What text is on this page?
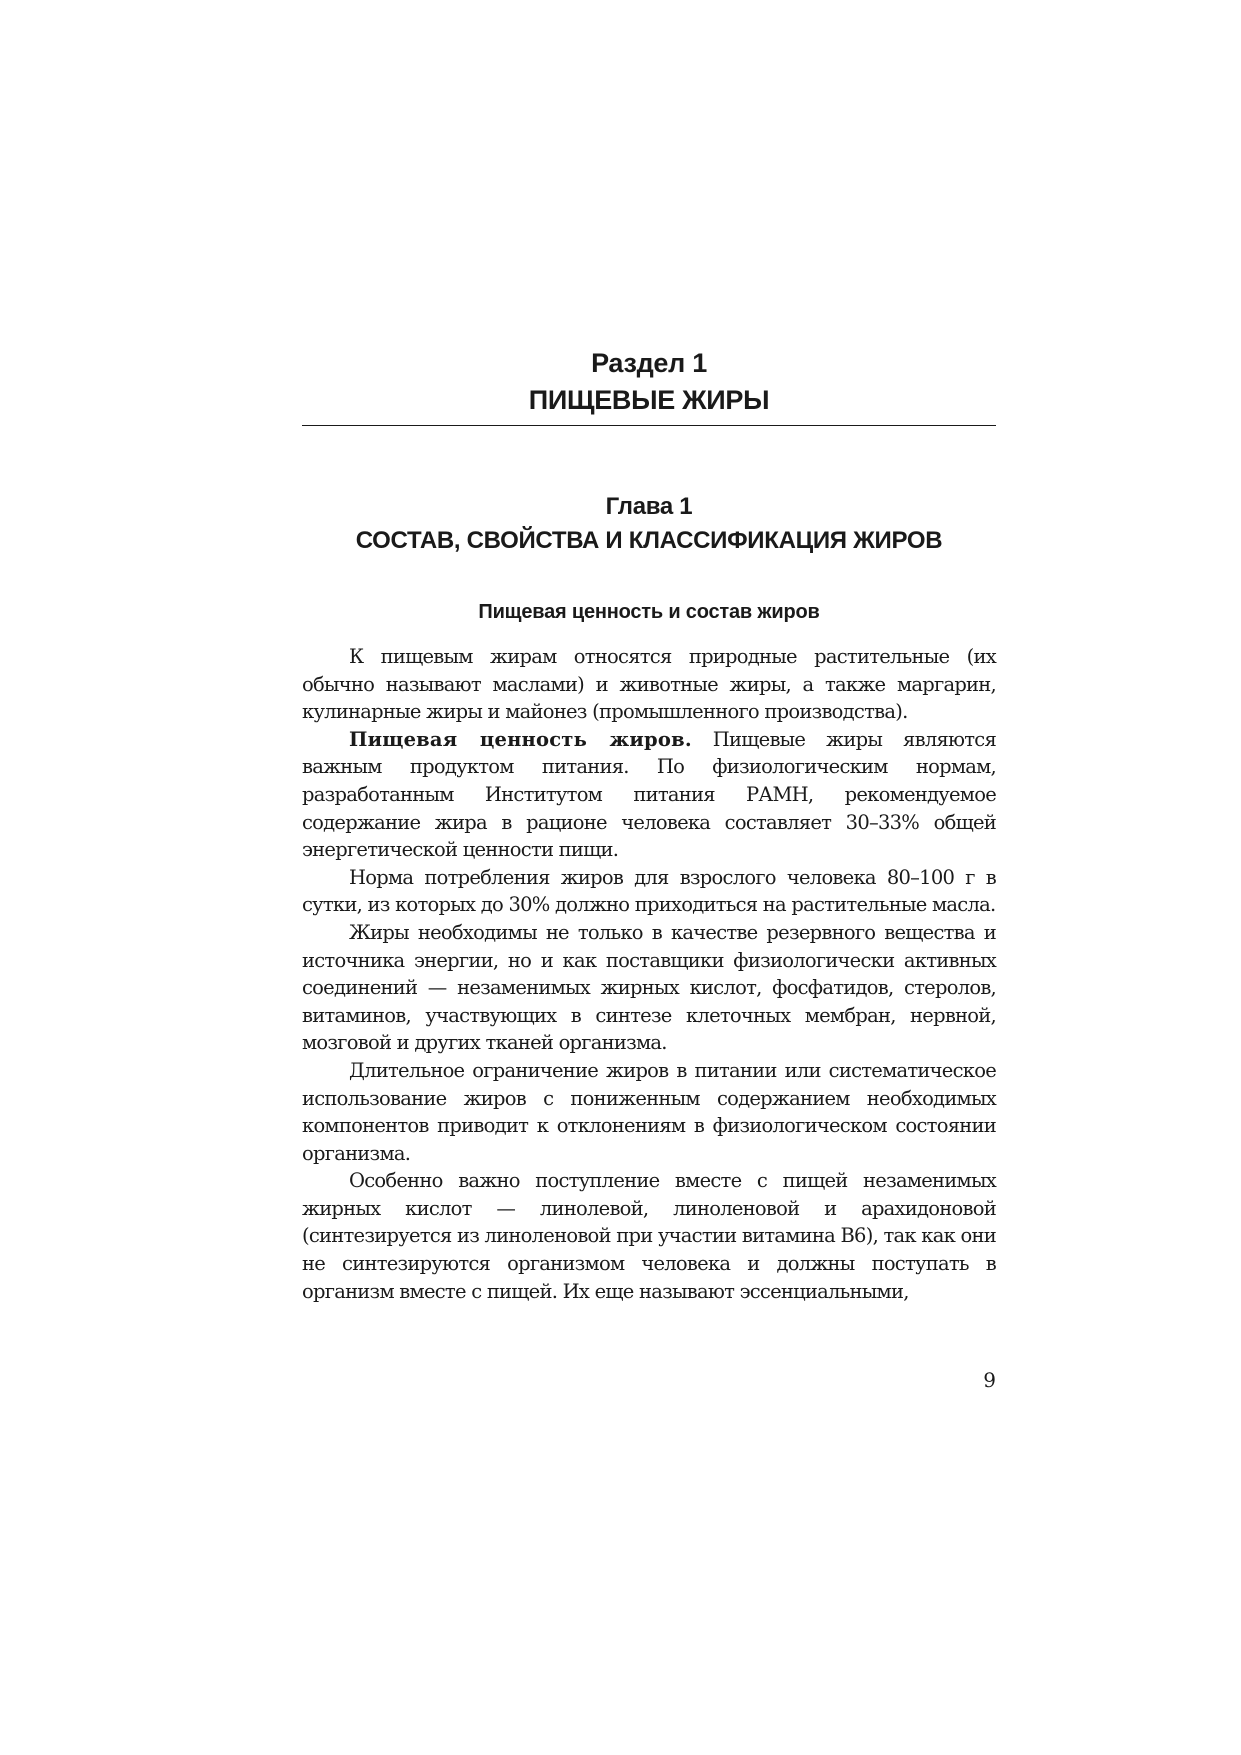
Раздел 1
ПИЩЕВЫЕ ЖИРЫ
Глава 1
СОСТАВ, СВОЙСТВА И КЛАССИФИКАЦИЯ ЖИРОВ
Пищевая ценность и состав жиров

К пищевым жирам относятся природные растительные (их обычно называют маслами) и животные жиры, а также маргарин, кулинарные жиры и майонез (промышленного производства).

Пищевая ценность жиров. Пищевые жиры являются важным продуктом питания. По физиологическим нормам, разработанным Институтом питания РАМН, рекомендуемое содержание жира в рационе человека составляет 30–33% общей энергетической ценности пищи.

Норма потребления жиров для взрослого человека 80–100 г в сутки, из которых до 30% должно приходиться на растительные масла.

Жиры необходимы не только в качестве резервного вещества и источника энергии, но и как поставщики физиологически активных соединений — незаменимых жирных кислот, фосфатидов, стеролов, витаминов, участвующих в синтезе клеточных мембран, нервной, мозговой и других тканей организма.

Длительное ограничение жиров в питании или систематическое использование жиров с пониженным содержанием необходимых компонентов приводит к отклонениям в физиологическом состоянии организма.

Особенно важно поступление вместе с пищей незаменимых жирных кислот — линолевой, линоленовой и арахидоновой (синтезируется из линоленовой при участии витамина В6), так как они не синтезируются организмом человека и должны поступать в организм вместе с пищей. Их еще называют эссенциальными,

9
